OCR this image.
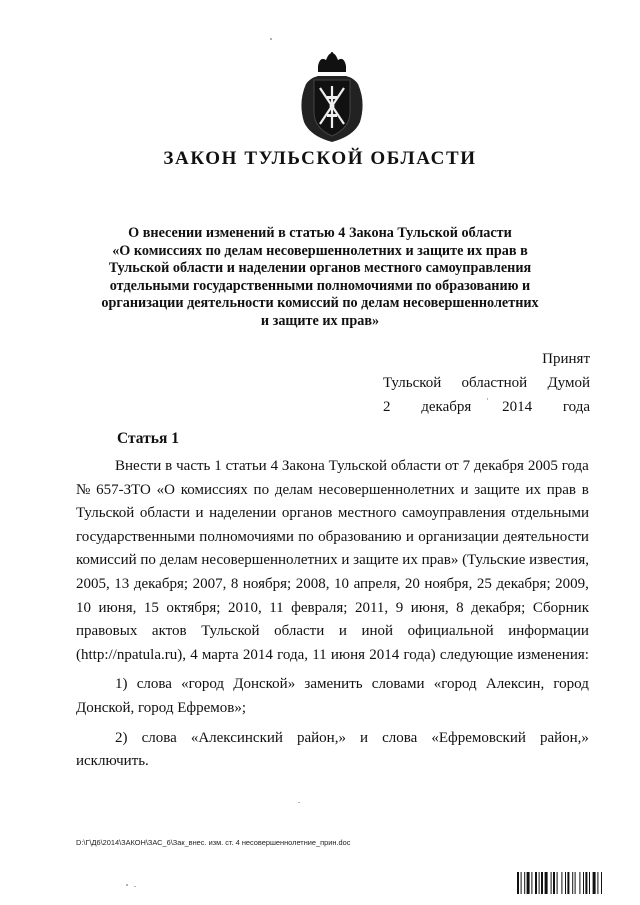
ЗАКОН ТУЛЬСКОЙ ОБЛАСТИ
О внесении изменений в статью 4 Закона Тульской области
«О комиссиях по делам несовершеннолетних и защите их прав в
Тульской области и наделении органов местного самоуправления
отдельными государственными полномочиями по образованию и
организации деятельности комиссий по делам несовершеннолетних
и защите их прав»
Принят
Тульской областной Думой
2 декабря 2014 года
Статья 1
Внести в часть 1 статьи 4 Закона Тульской области от 7 декабря 2005 года
№ 657-ЗТО «О комиссиях по делам несовершеннолетних и защите их прав в
Тульской области и наделении органов местного самоуправления отдельными
государственными полномочиями по образованию и организации деятельности
комиссий по делам несовершеннолетних и защите их прав» (Тульские известия,
2005, 13 декабря; 2007, 8 ноября; 2008, 10 апреля, 20 ноября, 25 декабря; 2009,
10 июня, 15 октября; 2010, 11 февраля; 2011, 9 июня, 8 декабря; Сборник
правовых актов Тульской области и иной официальной информации
(http://npatula.ru), 4 марта 2014 года, 11 июня 2014 года) следующие изменения:
1) слова «город Донской» заменить словами «город Алексин, город
Донской, город Ефремов»;
2) слова «Алексинский район,» и слова «Ефремовский район,»
исключить.
D:\Г\Д6\2014\ЗАКОН\ЗАС_6\Зак_внес. изм. ст. 4 несовершеннолетние_прин.doc
